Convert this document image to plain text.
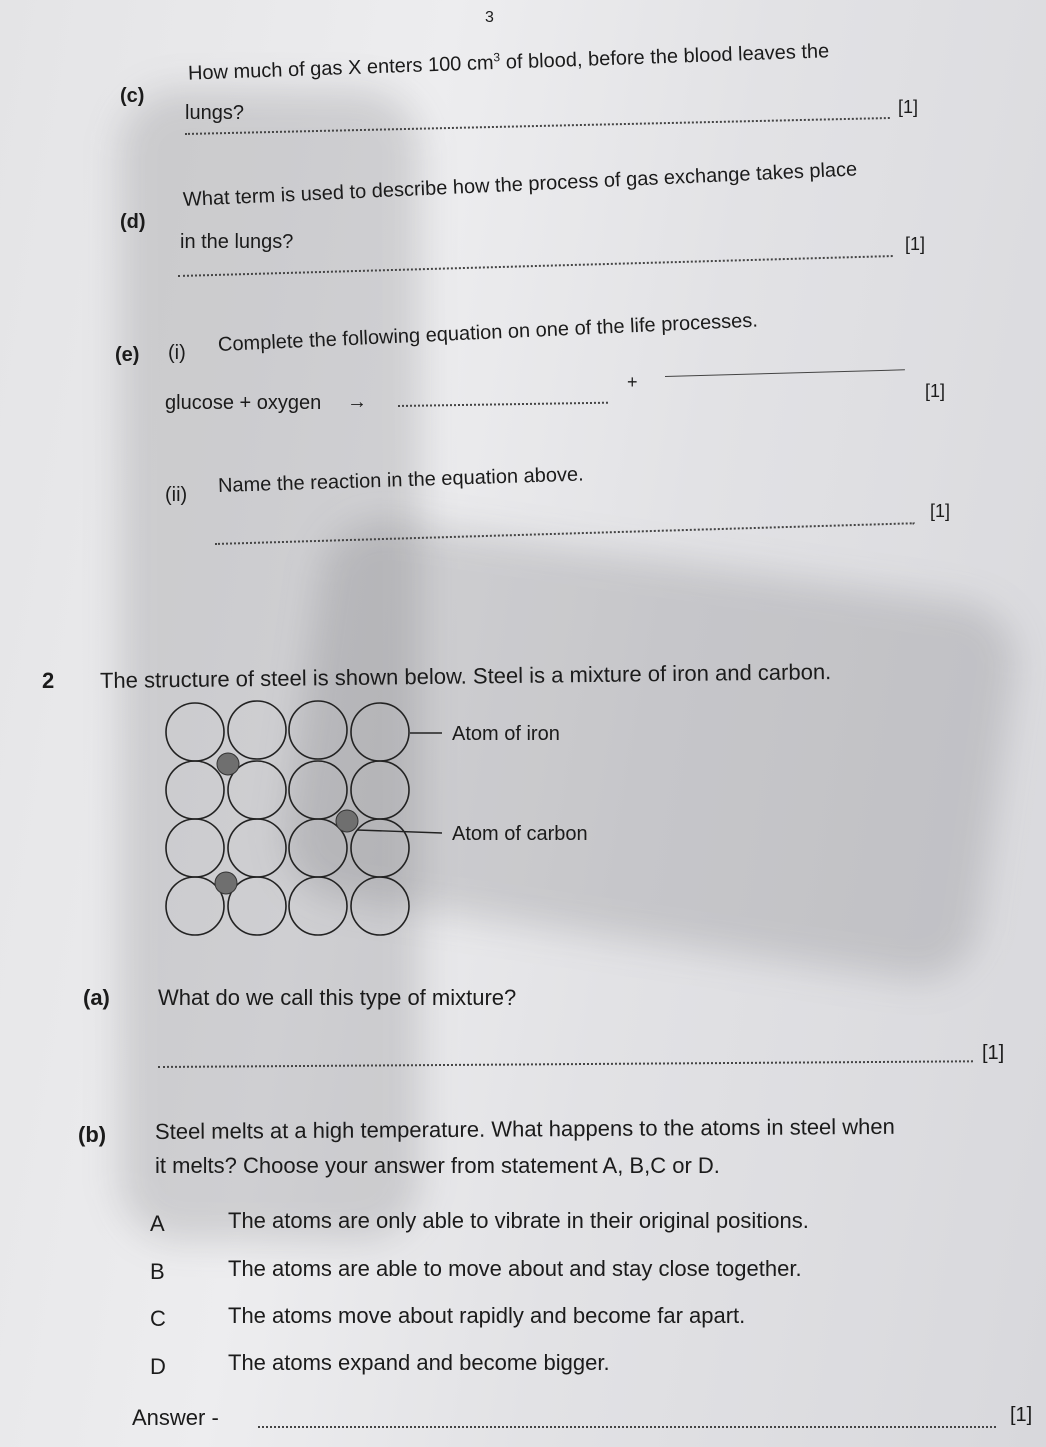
3
(c)
How much of gas X enters 100 $cm^3$ of blood, before the blood leaves the
lungs?	[1]
(d)
What term is used to describe how the process of gas exchange takes place
in the lungs?	[1]
(e) (i) Complete the following equation on one of the life processes.
glucose + oxygen →
+	[1]
(ii) Name the reaction in the equation above.
[1]
2 The structure of steel is shown below. Steel is a mixture of iron and carbon.
Atom of iron
Atom of carbon
(a) What do we call this type of mixture?
[1]
(b) Steel melts at a high temperature. What happens to the atoms in steel when
it melts? Choose your answer from statement A, B,C or D.
A	The atoms are only able to vibrate in their original positions.
B	The atoms are able to move about and stay close together.
C	The atoms move about rapidly and become far apart.
D	The atoms expand and become bigger.
Answer -	[1]
